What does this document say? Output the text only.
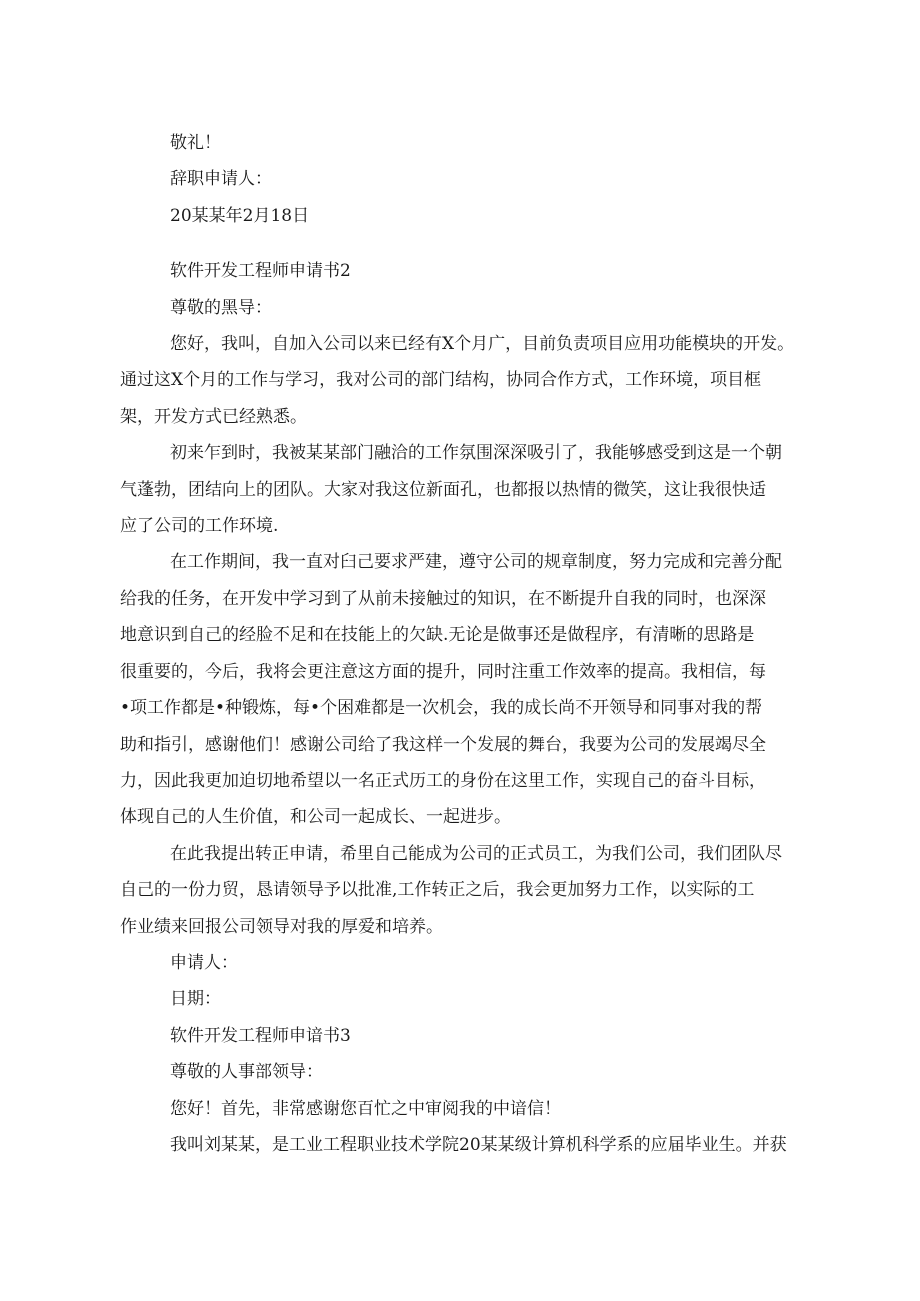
敬礼！
辞职申请人：
20某某年2月18日
软件开发工程师申请书2
尊敬的黑导：
您好，我叫，自加入公司以来已经有X个月广，目前负责项目应用功能模块的开发。
通过这X个月的工作与学习，我对公司的部门结构，协同合作方式，工作环境，项目框
架，开发方式已经熟悉。
初来乍到时，我被某某部门融洽的工作氛围深深吸引了，我能够感受到这是一个朝
气蓬勃，团结向上的团队。大家对我这位新面孔，也都报以热情的微笑，这让我很快适
应了公司的工作环境.
在工作期间，我一直对臼己要求严建，遵守公司的规章制度，努力完成和完善分配
给我的任务，在开发中学习到了从前未接触过的知识，在不断提升自我的同时，也深深
地意识到自己的经脸不足和在技能上的欠缺.无论是做事还是做程序，有清晰的思路是
很重要的，今后，我将会更注意这方面的提升，同时注重工作效率的提高。我相信，每
•项工作都是•种锻炼，每•个困难都是一次机会，我的成长尚不开领导和同事对我的帮
助和指引，感谢他们！感谢公司给了我这样一个发展的舞台，我要为公司的发展竭尽全
力，因此我更加迫切地希望以一名正式历工的身份在这里工作，实现自己的奋斗目标，
体现自己的人生价值，和公司一起成长、一起进步。
在此我提出转正申请，希里自己能成为公司的正式员工，为我们公司，我们团队尽
自己的一份力贸，恳请领导予以批准,工作转正之后，我会更加努力工作，以实际的工
作业绩来回报公司领导对我的厚爱和培养。
申请人：
日期：
软件开发工程师申谙书3
尊敬的人事部领导：
您好！首先，非常感谢您百忙之中审阅我的中谙信！
我叫刘某某，是工业工程职业技术学院20某某级计算机科学系的应届毕业生。并获
